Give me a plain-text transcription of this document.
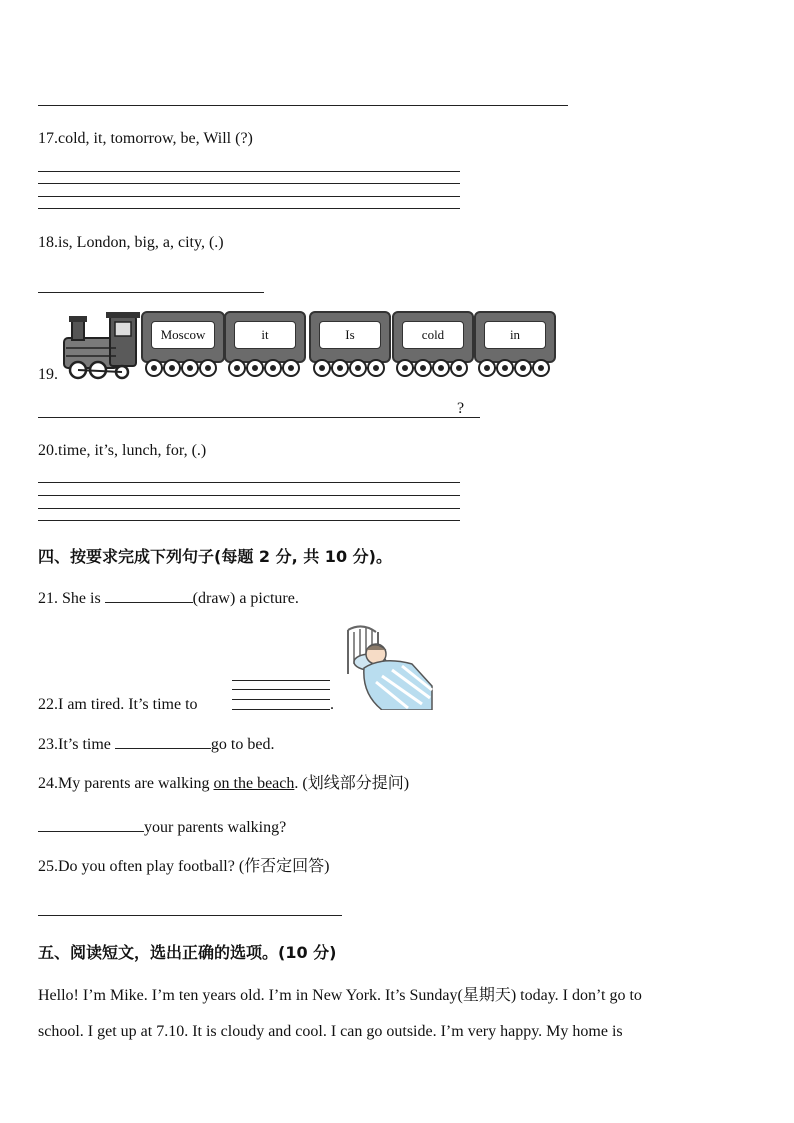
17.cold, it, tomorrow, be, Will (?)
18.is, London, big, a, city, (.)
19.
Moscow	it	Is	cold	in
?
20.time, it’s, lunch, for, (.)
四、按要求完成下列句子(每题 2 分, 共 10 分)。
21. She is	(draw) a picture.
22.I am tired. It’s time to	.
23.It’s time	go to bed.
24.My parents are walking on the beach. (划线部分提问)
your parents walking?
25.Do you often play football? (作否定回答)
五、阅读短文，选出正确的选项。(10 分)
Hello! I’m Mike. I’m ten years old. I’m in New York. It’s Sunday(星期天) today. I don’t go to
school. I get up at 7.10. It is cloudy and cool. I can go outside. I’m very happy. My home is
